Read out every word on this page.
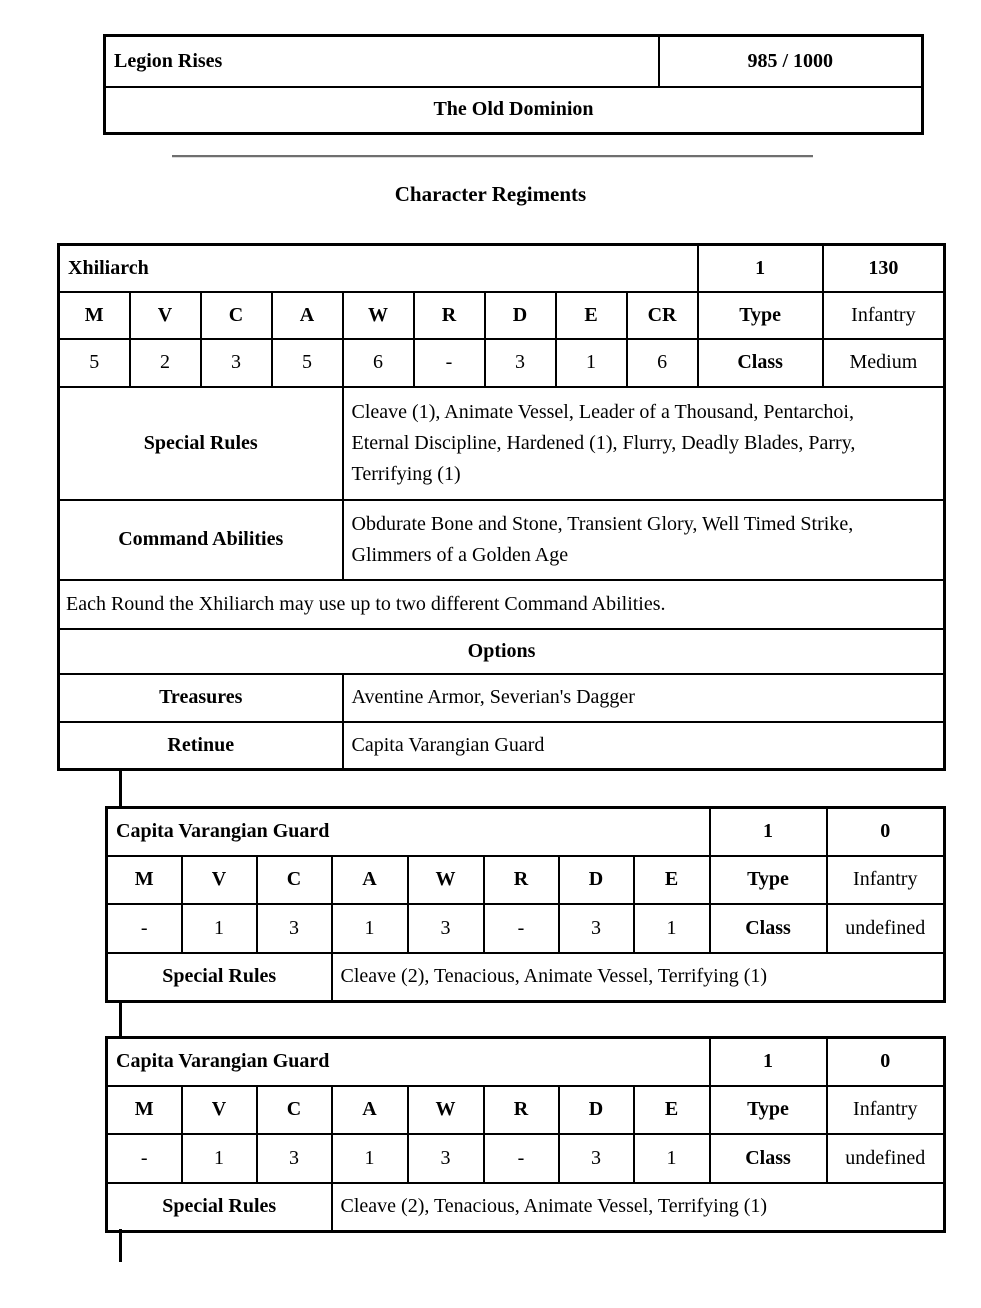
Legion Rises	985 / 1000
The Old Dominion
Character Regiments
Xhiliarch									1	130
M	V	C	A	W	R	D	E	CR	Type	Infantry
5	2	3	5	6	-	3	1	6	Class	Medium
Special Rules				Cleave (1), Animate Vessel, Leader of a Thousand, Pentarchoi, Eternal Discipline, Hardened (1), Flurry, Deadly Blades, Parry, Terrifying (1)						
Command Abilities				Obdurate Bone and Stone, Transient Glory, Well Timed Strike, Glimmers of a Golden Age						
Each Round the Xhiliarch may use up to two different Command Abilities.										
Options										
Treasures				Aventine Armor, Severian's Dagger						
Retinue				Capita Varangian Guard						
Capita Varangian Guard								1	0
M	V	C	A	W	R	D	E	Type	Infantry
-	1	3	1	3	-	3	1	Class	undefined
Special Rules			Cleave (2), Tenacious, Animate Vessel, Terrifying (1)						
Capita Varangian Guard								1	0
M	V	C	A	W	R	D	E	Type	Infantry
-	1	3	1	3	-	3	1	Class	undefined
Special Rules			Cleave (2), Tenacious, Animate Vessel, Terrifying (1)						
